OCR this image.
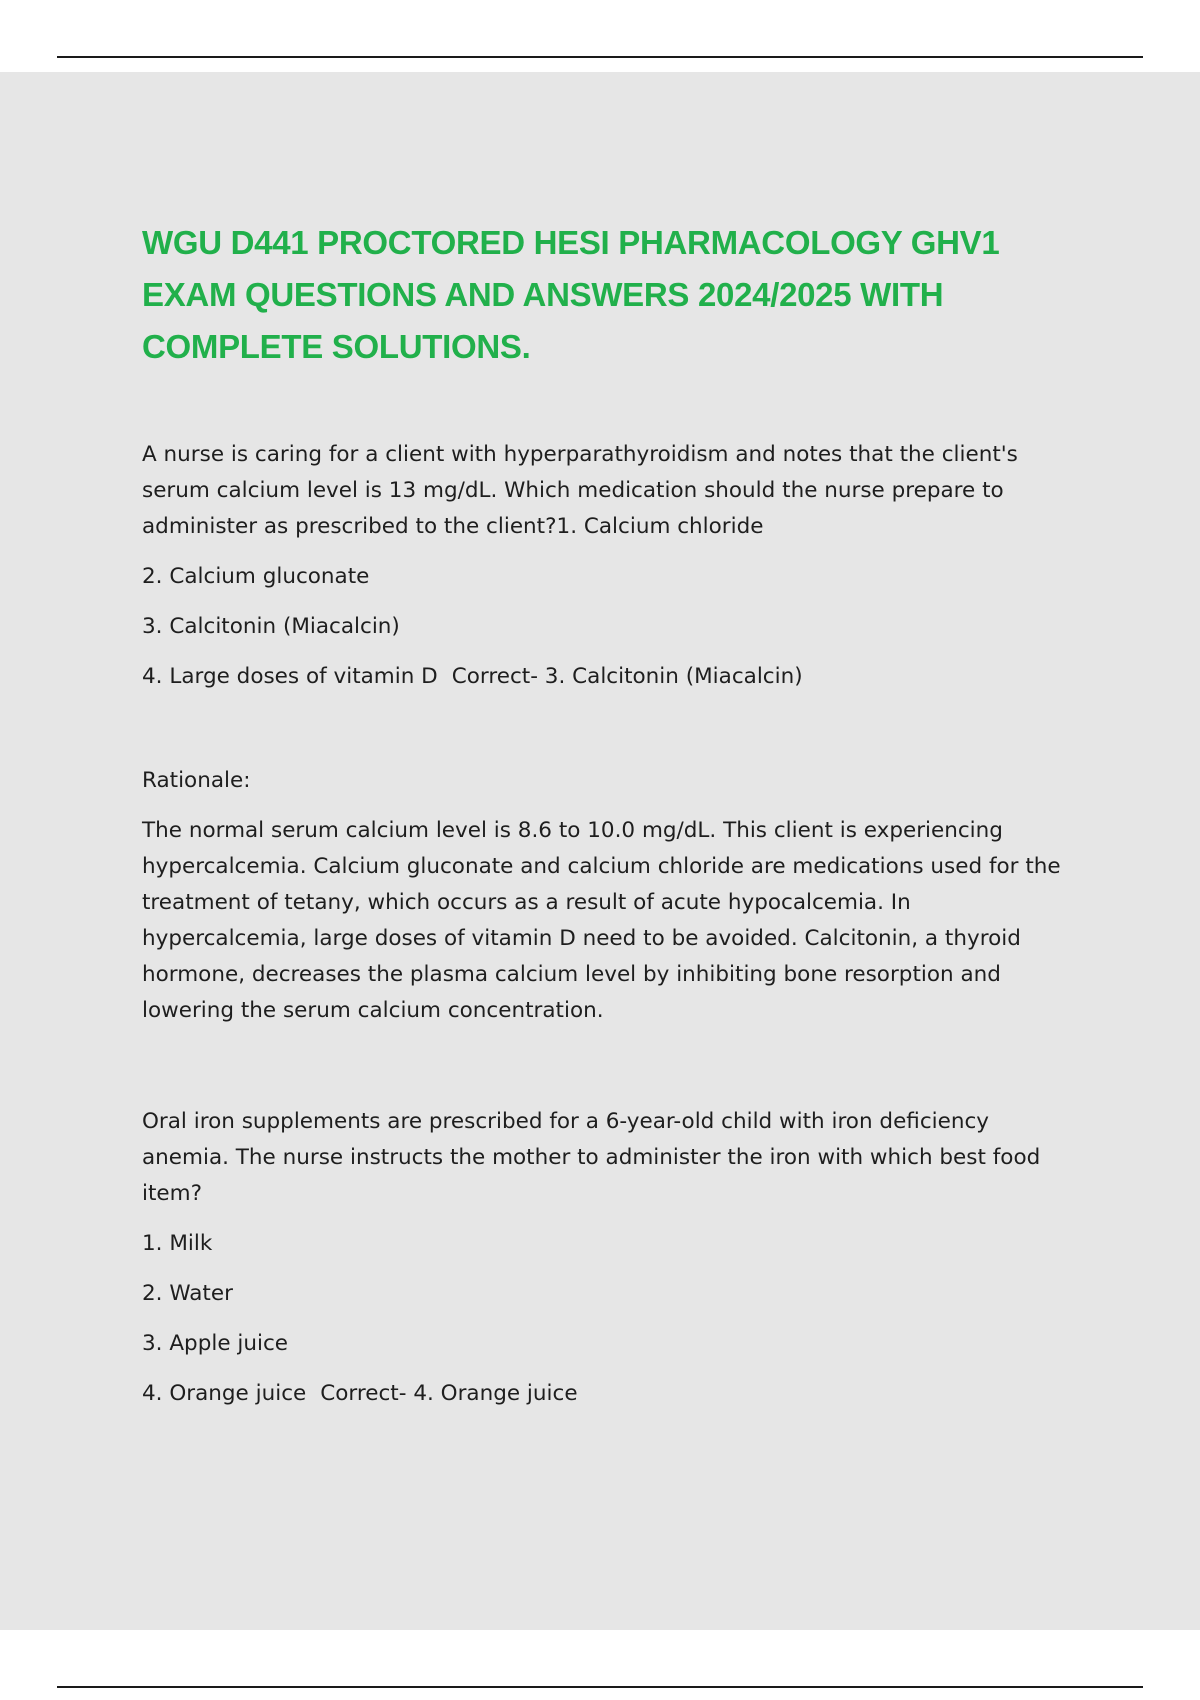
WGU D441 PROCTORED HESI PHARMACOLOGY GHV1 EXAM QUESTIONS AND ANSWERS 2024/2025 WITH COMPLETE SOLUTIONS.

A nurse is caring for a client with hyperparathyroidism and notes that the client's serum calcium level is 13 mg/dL. Which medication should the nurse prepare to administer as prescribed to the client?1. Calcium chloride

2. Calcium gluconate

3. Calcitonin (Miacalcin)

4. Large doses of vitamin D Correct- 3. Calcitonin (Miacalcin)

Rationale:

The normal serum calcium level is 8.6 to 10.0 mg/dL. This client is experiencing hypercalcemia. Calcium gluconate and calcium chloride are medications used for the treatment of tetany, which occurs as a result of acute hypocalcemia. In hypercalcemia, large doses of vitamin D need to be avoided. Calcitonin, a thyroid hormone, decreases the plasma calcium level by inhibiting bone resorption and lowering the serum calcium concentration.

Oral iron supplements are prescribed for a 6-year-old child with iron deficiency anemia. The nurse instructs the mother to administer the iron with which best food item?

1. Milk

2. Water

3. Apple juice

4. Orange juice Correct- 4. Orange juice
